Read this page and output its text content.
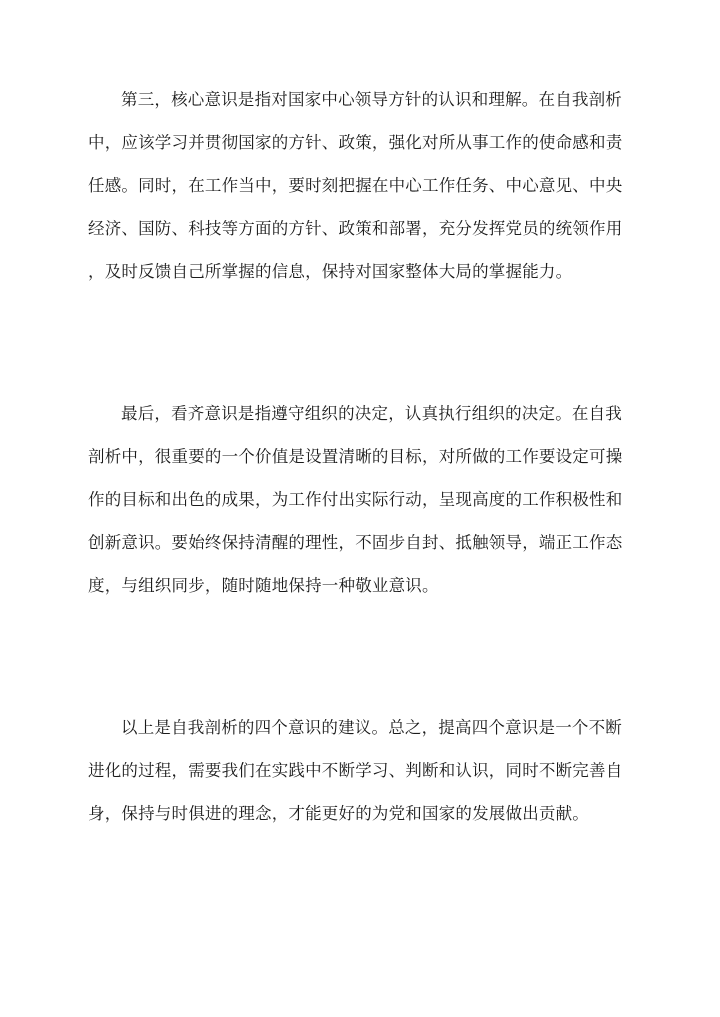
第三，核心意识是指对国家中心领导方针的认识和理解。在自我剖析
中，应该学习并贯彻国家的方针、政策，强化对所从事工作的使命感和责
任感。同时，在工作当中，要时刻把握在中心工作任务、中心意见、中央
经济、国防、科技等方面的方针、政策和部署，充分发挥党员的统领作用
，及时反馈自己所掌握的信息，保持对国家整体大局的掌握能力。

最后，看齐意识是指遵守组织的决定，认真执行组织的决定。在自我
剖析中，很重要的一个价值是设置清晰的目标，对所做的工作要设定可操
作的目标和出色的成果，为工作付出实际行动，呈现高度的工作积极性和
创新意识。要始终保持清醒的理性，不固步自封、抵触领导，端正工作态
度，与组织同步，随时随地保持一种敬业意识。

以上是自我剖析的四个意识的建议。总之，提高四个意识是一个不断
进化的过程，需要我们在实践中不断学习、判断和认识，同时不断完善自
身，保持与时俱进的理念，才能更好的为党和国家的发展做出贡献。
